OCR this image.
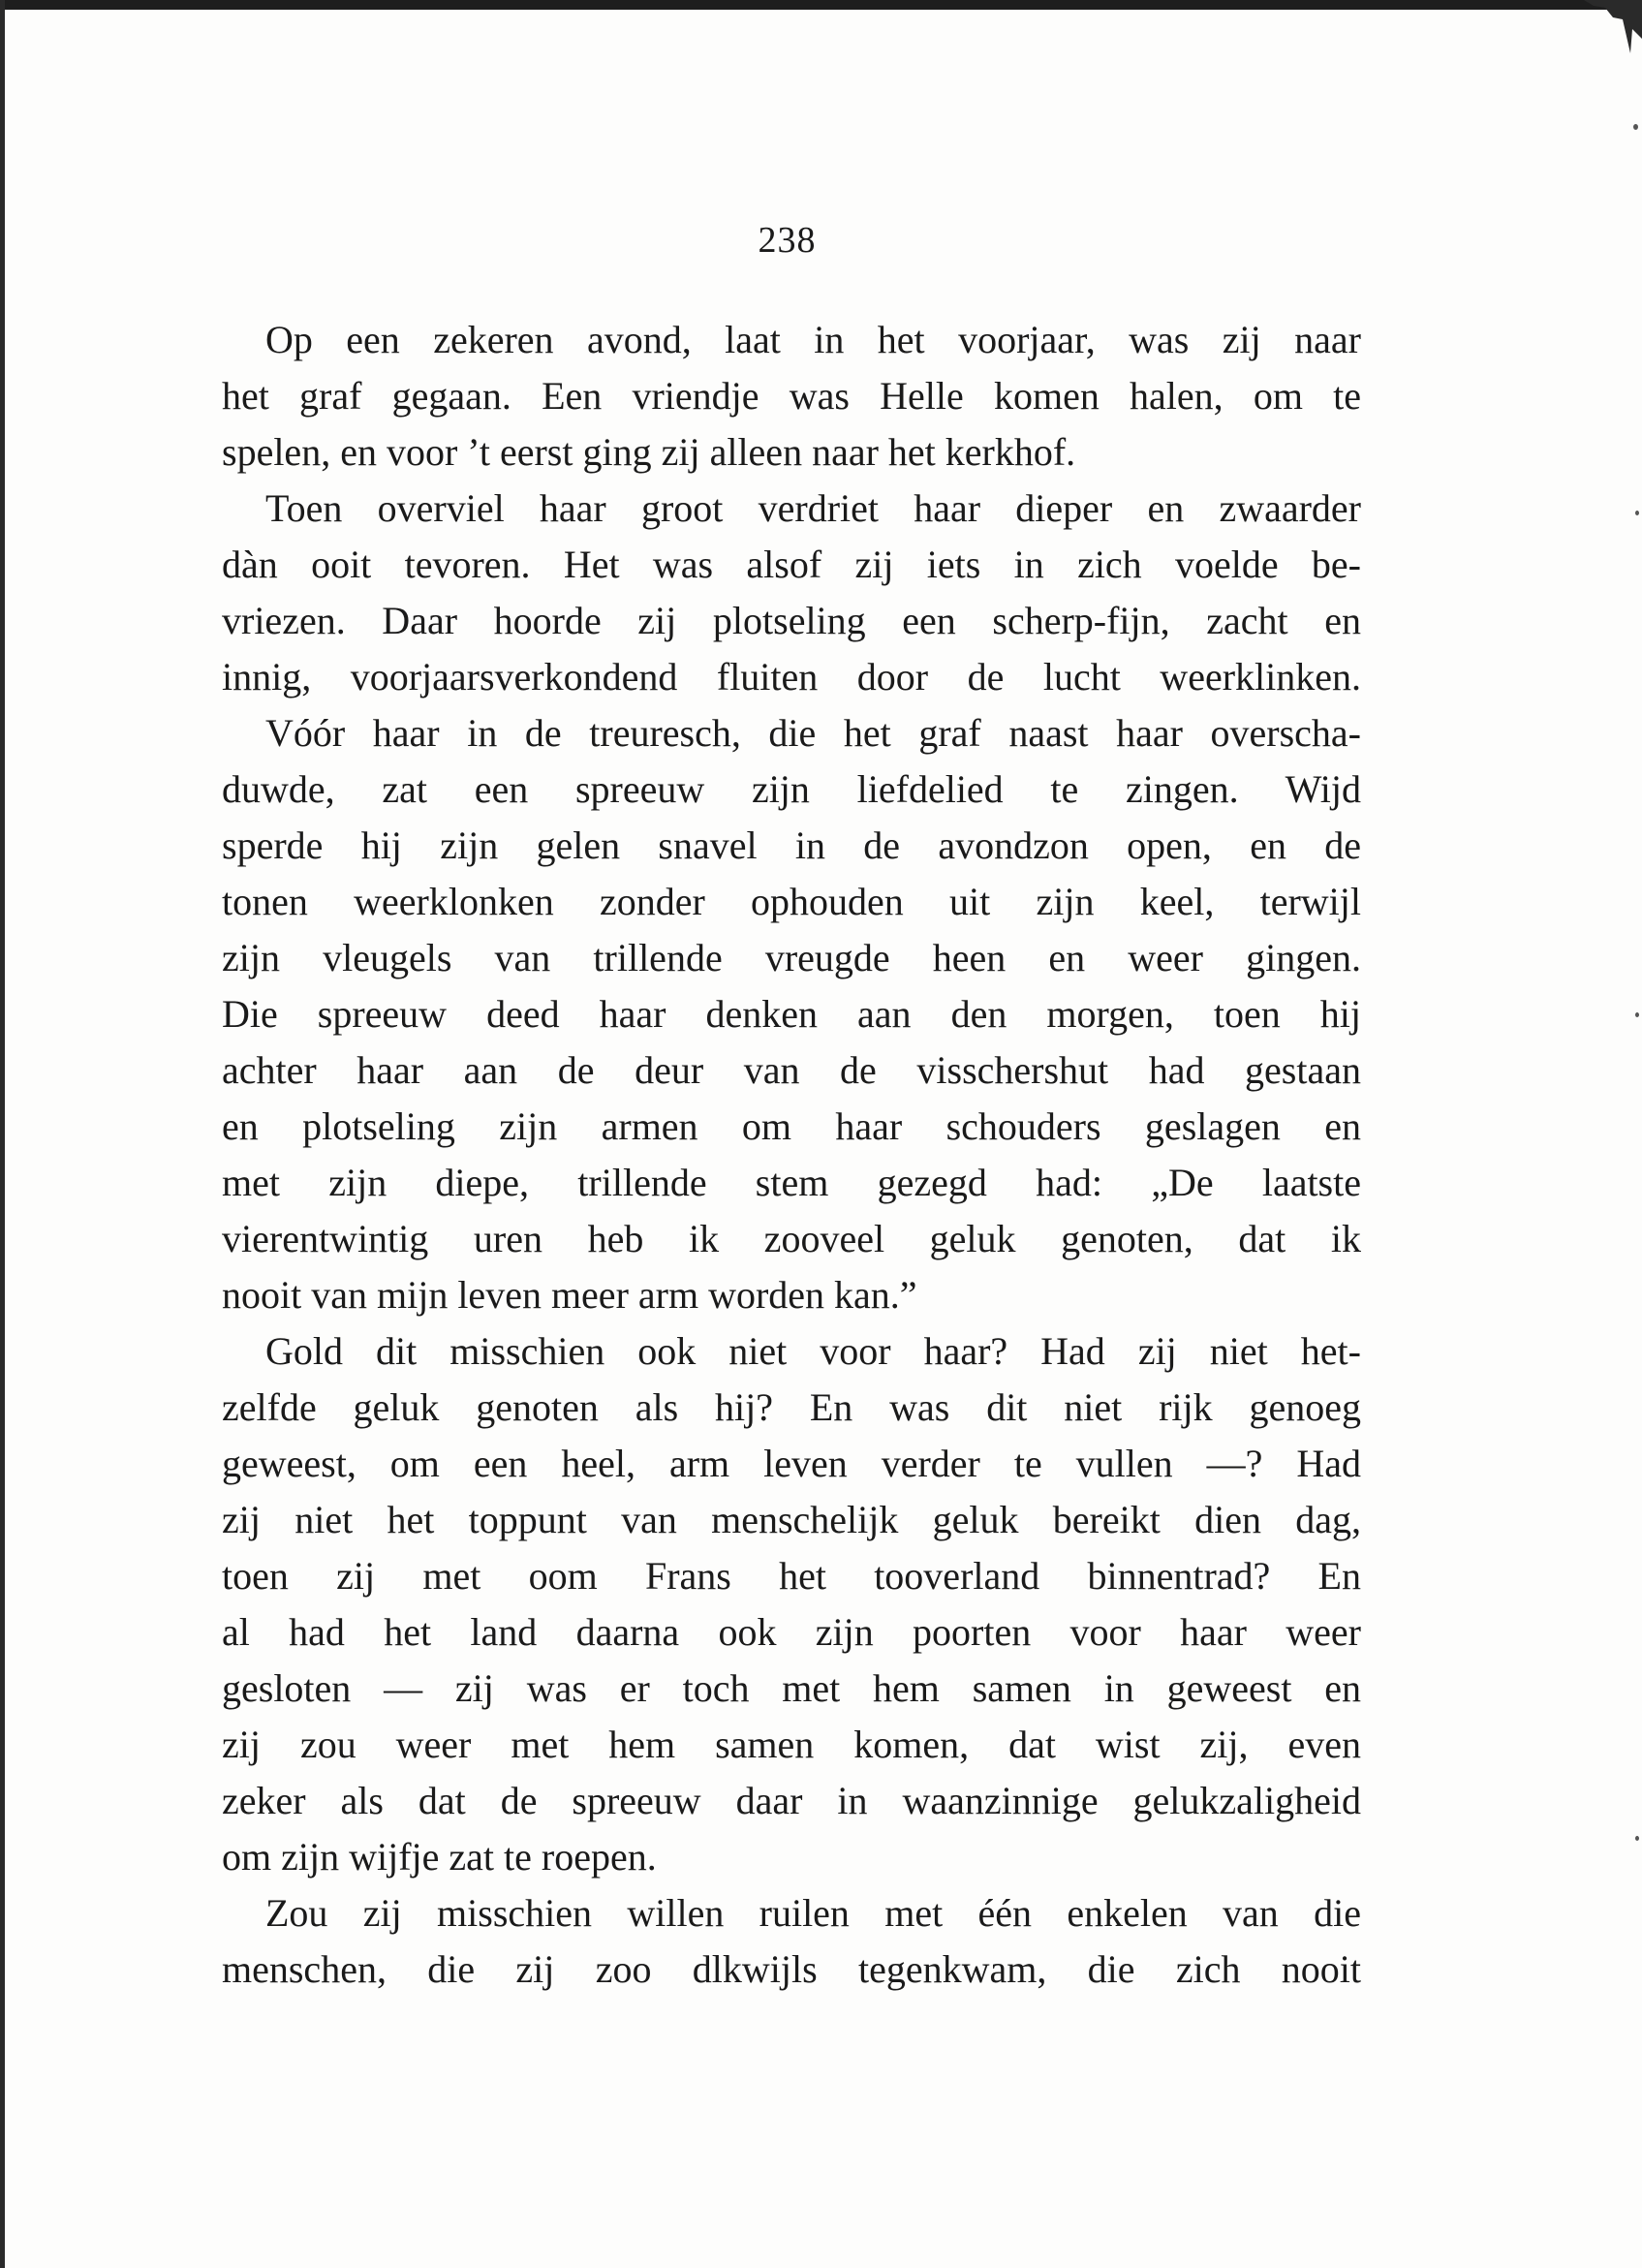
238

Op een zekeren avond, laat in het voorjaar, was zij naar
het graf gegaan. Een vriendje was Helle komen halen, om te
spelen, en voor ’t eerst ging zij alleen naar het kerkhof.

Toen overviel haar groot verdriet haar dieper en zwaarder
dàn ooit tevoren. Het was alsof zij iets in zich voelde be-
vriezen. Daar hoorde zij plotseling een scherp-fijn, zacht en
innig, voorjaarsverkondend fluiten door de lucht weerklinken.

Vóór haar in de treuresch, die het graf naast haar overscha-
duwde, zat een spreeuw zijn liefdelied te zingen. Wijd
sperde hij zijn gelen snavel in de avondzon open, en de
tonen weerklonken zonder ophouden uit zijn keel, terwijl
zijn vleugels van trillende vreugde heen en weer gingen.
Die spreeuw deed haar denken aan den morgen, toen hij
achter haar aan de deur van de visschershut had gestaan
en plotseling zijn armen om haar schouders geslagen en
met zijn diepe, trillende stem gezegd had: „De laatste
vierentwintig uren heb ik zooveel geluk genoten, dat ik
nooit van mijn leven meer arm worden kan.”

Gold dit misschien ook niet voor haar? Had zij niet het-
zelfde geluk genoten als hij? En was dit niet rijk genoeg
geweest, om een heel, arm leven verder te vullen —? Had
zij niet het toppunt van menschelijk geluk bereikt dien dag,
toen zij met oom Frans het tooverland binnentrad? En
al had het land daarna ook zijn poorten voor haar weer
gesloten — zij was er toch met hem samen in geweest en
zij zou weer met hem samen komen, dat wist zij, even
zeker als dat de spreeuw daar in waanzinnige gelukzaligheid
om zijn wijfje zat te roepen.

Zou zij misschien willen ruilen met één enkelen van die
menschen, die zij zoo dlkwijls tegenkwam, die zich nooit
